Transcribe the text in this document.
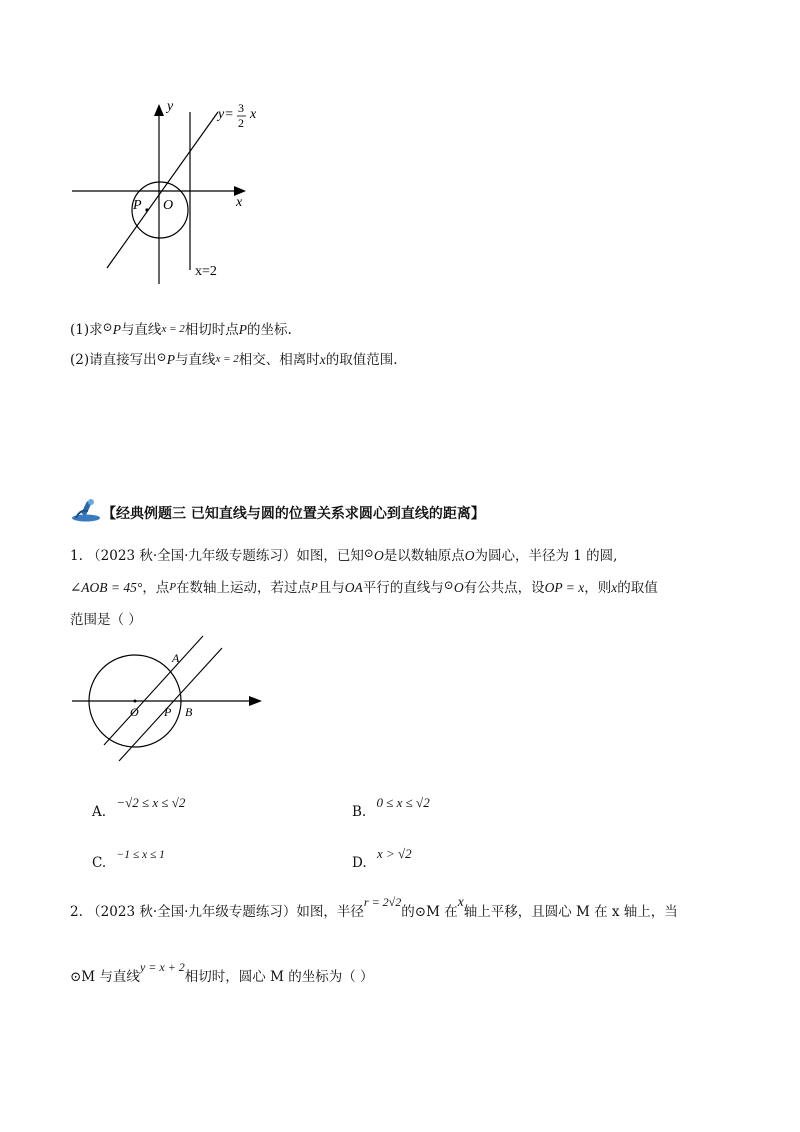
y
x
y= 3
2
x
P O
x=2
(1)求⊙P与直线x = 2相切时点P的坐标.
(2)请直接写出⊙P与直线x = 2相交、相离时x的取值范围.
【经典例题三 已知直线与圆的位置关系求圆心到直线的距离】
1. （2023 秋·全国·九年级专题练习）如图，已知⊙O是以数轴原点O为圆心，半径为 1 的圆,
∠AOB = 45°，点P在数轴上运动，若过点P且与OA平行的直线与⊙O有公共点，设OP = x，则x的取值
范围是（ ）
A
O P B
A. −√2 ≤ x ≤ √2
B. 0 ≤ x ≤ √2
C. −1 ≤ x ≤ 1	D. x > √2
2. （2023 秋·全国·九年级专题练习）如图，半径r = 2√2的⊙M 在x轴上平移，且圆心 M 在 x 轴上，当
⊙M 与直线y = x + 2相切时，圆心 M 的坐标为（ ）
